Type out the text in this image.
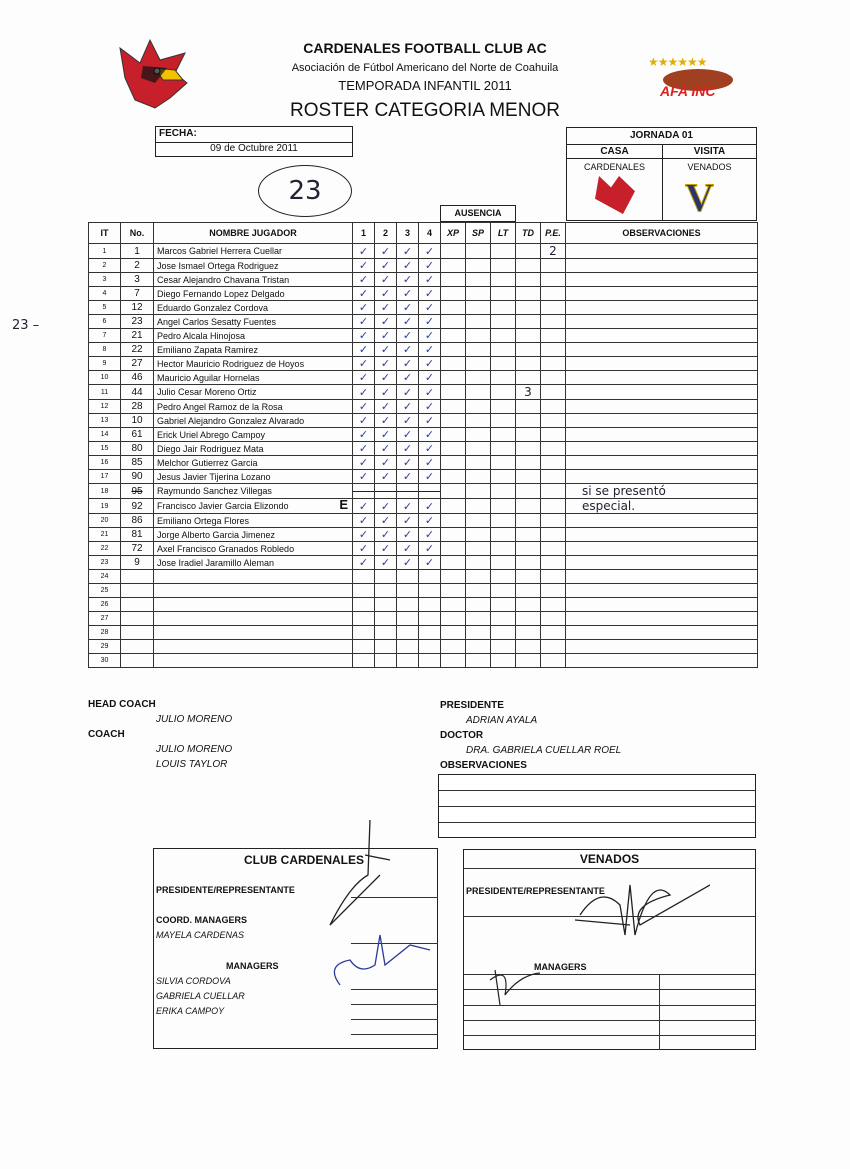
CARDENALES FOOTBALL CLUB AC
Asociación de Fútbol Americano del Norte de Coahuila
TEMPORADA INFANTIL 2011
ROSTER CATEGORIA MENOR
★★★★★★
AFA INC
FECHA:
09 de Octubre 2011
23
JORNADA 01
CASA	VISITA
CARDENALES	VENADOS
V
AUSENCIA
IT	No.	NOMBRE JUGADOR	1	2	3	4	XP	SP	LT	TD	P.E.	OBSERVACIONES
1	1	Marcos Gabriel Herrera Cuellar	✓	✓	✓	✓					2	
2	2	Jose Ismael Ortega Rodriguez	✓	✓	✓	✓						
3	3	Cesar Alejandro Chavana Tristan	✓	✓	✓	✓						
4	7	Diego Fernando Lopez Delgado	✓	✓	✓	✓						
5	12	Eduardo Gonzalez Cordova	✓	✓	✓	✓						
6	23	Angel Carlos Sesatty Fuentes	✓	✓	✓	✓						
7	21	Pedro Alcala Hinojosa	✓	✓	✓	✓						
8	22	Emiliano Zapata Ramirez	✓	✓	✓	✓						
9	27	Hector Mauricio Rodriguez de Hoyos	✓	✓	✓	✓						
10	46	Mauricio Aguilar Hornelas	✓	✓	✓	✓						
11	44	Julio Cesar Moreno Ortiz	✓	✓	✓	✓				3		
12	28	Pedro Angel Ramoz de la Rosa	✓	✓	✓	✓						
13	10	Gabriel Alejandro Gonzalez Alvarado	✓	✓	✓	✓						
14	61	Erick Uriel Abrego Campoy	✓	✓	✓	✓						
15	80	Diego Jair Rodriguez Mata	✓	✓	✓	✓						
16	85	Melchor Gutierrez Garcia	✓	✓	✓	✓						
17	90	Jesus Javier Tijerina Lozano	✓	✓	✓	✓						
18	95	Raymundo Sanchez Villegas										si se presentó
19	92	Francisco Javier Garcia Elizondo E	✓	✓	✓	✓						especial.
20	86	Emiliano Ortega Flores	✓	✓	✓	✓						
21	81	Jorge Alberto Garcia Jimenez	✓	✓	✓	✓						
22	72	Axel Francisco Granados Robledo	✓	✓	✓	✓						
23	9	Jose Iradiel Jaramillo Aleman	✓	✓	✓	✓						
24												
25												
26												
27												
28												
29												
30												
23 –
HEAD COACH
JULIO MORENO
COACH
JULIO MORENO
LOUIS TAYLOR
PRESIDENTE
ADRIAN AYALA
DOCTOR
DRA. GABRIELA CUELLAR ROEL
OBSERVACIONES
CLUB CARDENALES
PRESIDENTE/REPRESENTANTE
COORD. MANAGERS
MAYELA CARDENAS
MANAGERS
SILVIA CORDOVA
GABRIELA CUELLAR
ERIKA CAMPOY
VENADOS
PRESIDENTE/REPRESENTANTE
MANAGERS
